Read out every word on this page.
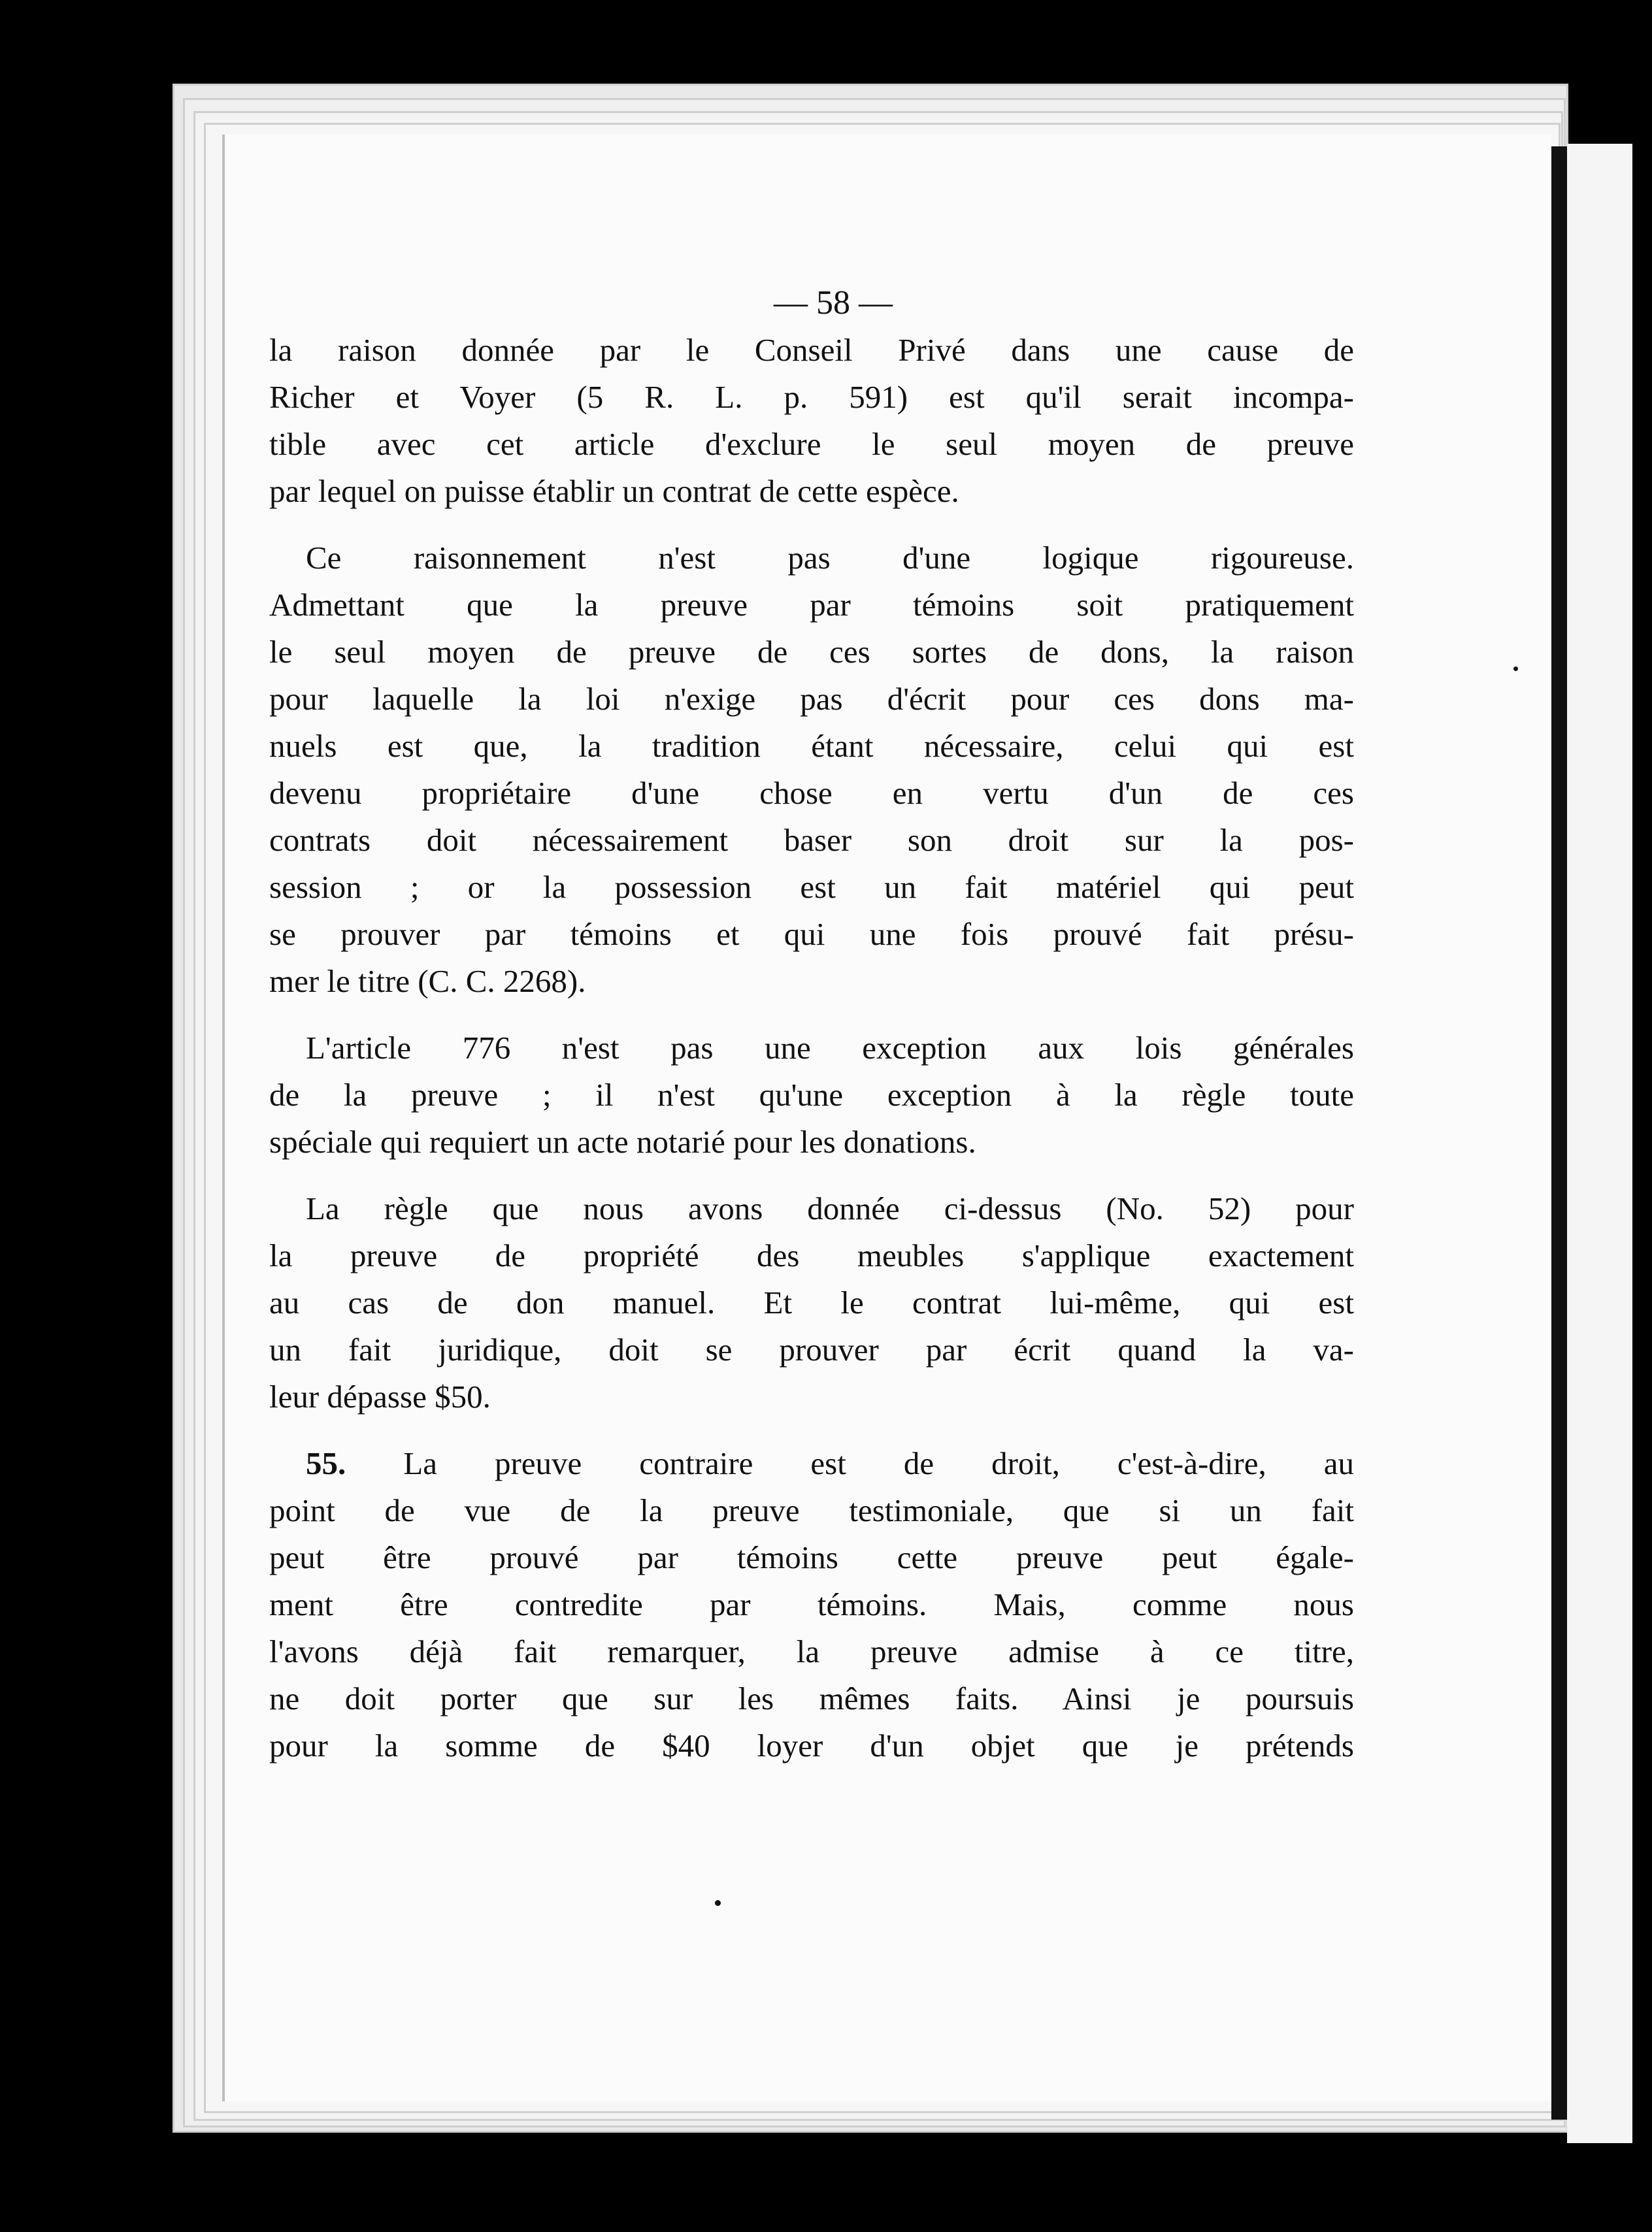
— 58 —
la raison donnée par le Conseil Privé dans une cause de
Richer et Voyer (5 R. L. p. 591) est qu'il serait incompa-
tible avec cet article d'exclure le seul moyen de preuve
par lequel on puisse établir un contrat de cette espèce.
Ce raisonnement n'est pas d'une logique rigoureuse.
Admettant que la preuve par témoins soit pratiquement
le seul moyen de preuve de ces sortes de dons, la raison
pour laquelle la loi n'exige pas d'écrit pour ces dons ma-
nuels est que, la tradition étant nécessaire, celui qui est
devenu propriétaire d'une chose en vertu d'un de ces
contrats doit nécessairement baser son droit sur la pos-
session ; or la possession est un fait matériel qui peut
se prouver par témoins et qui une fois prouvé fait présu-
mer le titre (C. C. 2268).
L'article 776 n'est pas une exception aux lois générales
de la preuve ; il n'est qu'une exception à la règle toute
spéciale qui requiert un acte notarié pour les donations.
La règle que nous avons donnée ci-dessus (No. 52) pour
la preuve de propriété des meubles s'applique exactement
au cas de don manuel. Et le contrat lui-même, qui est
un fait juridique, doit se prouver par écrit quand la va-
leur dépasse $50.
55. La preuve contraire est de droit, c'est-à-dire, au
point de vue de la preuve testimoniale, que si un fait
peut être prouvé par témoins cette preuve peut égale-
ment être contredite par témoins. Mais, comme nous
l'avons déjà fait remarquer, la preuve admise à ce titre,
ne doit porter que sur les mêmes faits. Ainsi je poursuis
pour la somme de $40 loyer d'un objet que je prétends
